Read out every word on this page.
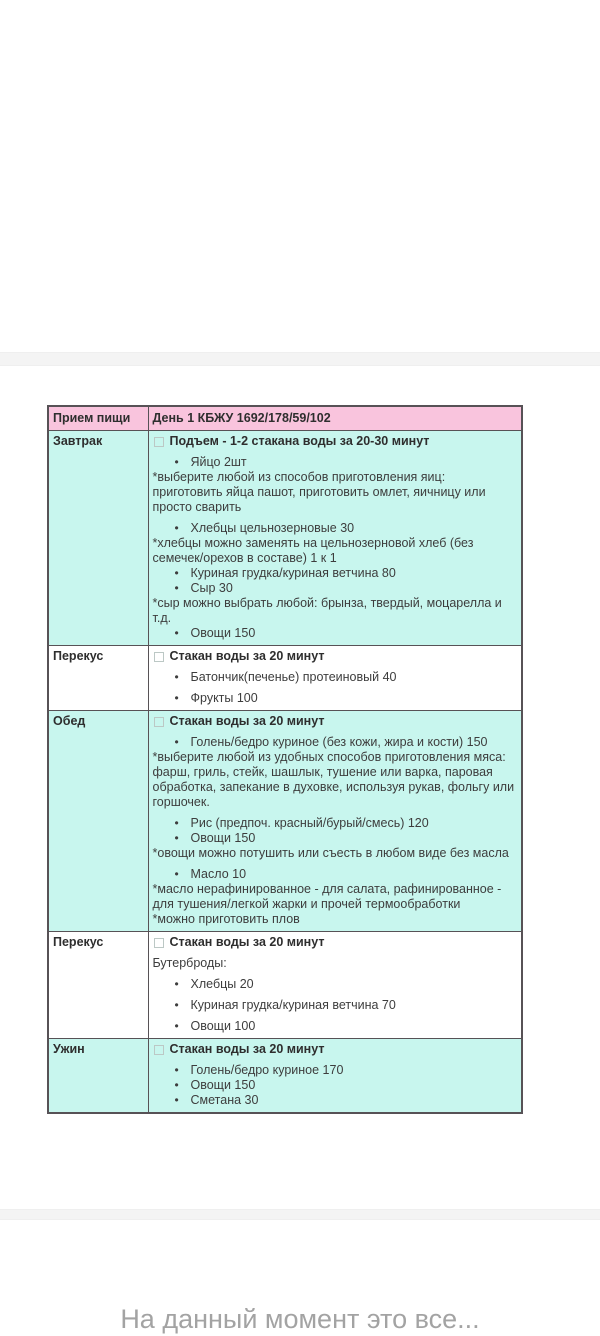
Прием пищи	День 1 КБЖУ 1692/178/59/102
Завтрак	Подъем - 1-2 стакана воды за 20-30 минут
• Яйцо 2шт
*выберите любой из способов приготовления яиц: приготовить яйца пашот, приготовить омлет, яичницу или просто сварить
• Хлебцы цельнозерновые 30
*хлебцы можно заменять на цельнозерновой хлеб (без семечек/орехов в составе) 1 к 1
• Куриная грудка/куриная ветчина 80
• Сыр 30
*сыр можно выбрать любой: брынза, твердый, моцарелла и т.д.
• Овощи 150

Перекус	Стакан воды за 20 минут
• Батончик(печенье) протеиновый 40
• Фрукты 100

Обед	Стакан воды за 20 минут
• Голень/бедро куриное (без кожи, жира и кости) 150
*выберите любой из удобных способов приготовления мяса: фарш, гриль, стейк, шашлык, тушение или варка, паровая обработка, запекание в духовке, используя рукав, фольгу или горшочек.
• Рис (предпоч. красный/бурый/смесь) 120
• Овощи 150
*овощи можно потушить или съесть в любом виде без масла
• Масло 10
*масло нерафинированное - для салата, рафинированное - для тушения/легкой жарки и прочей термообработки
*можно приготовить плов

Перекус	Стакан воды за 20 минут
Бутерброды:
• Хлебцы 20
• Куриная грудка/куриная ветчина 70
• Овощи 100

Ужин	Стакан воды за 20 минут
• Голень/бедро куриное 170
• Овощи 150
• Сметана 30
На данный момент это все...
